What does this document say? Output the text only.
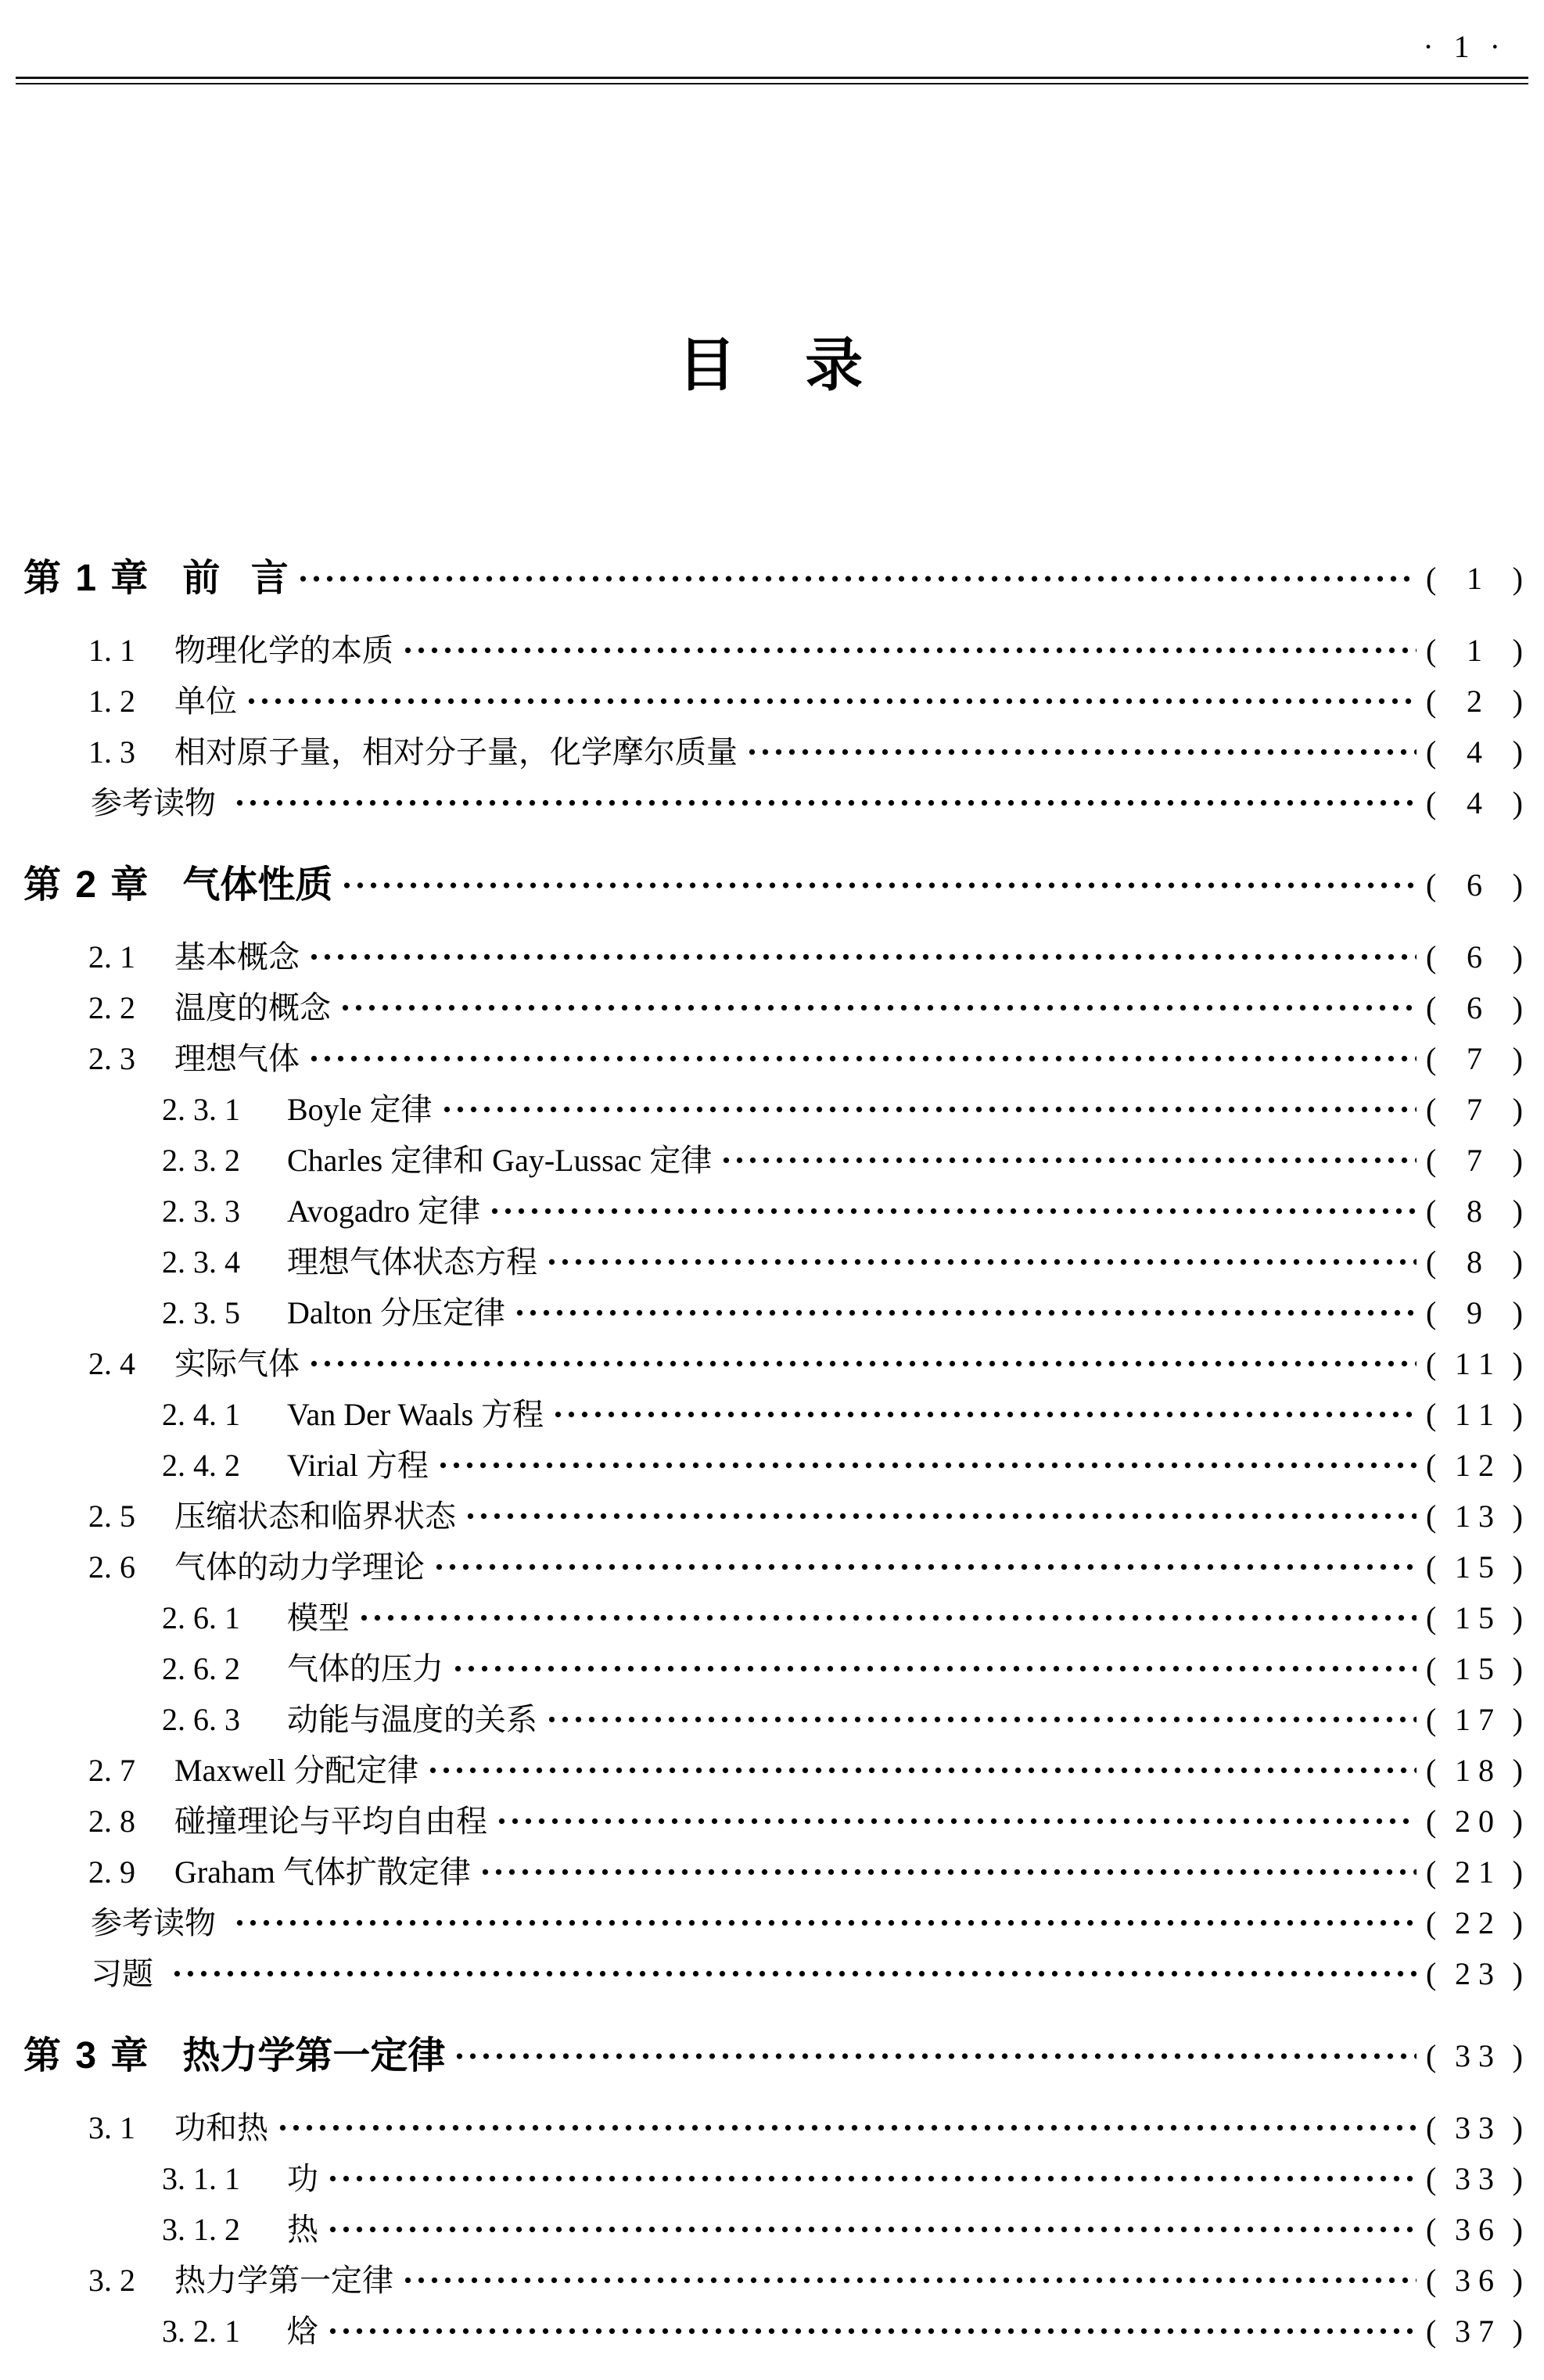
· 1 ·
目 录
第 1 章 前 言	( 1 )
1. 1	物理化学的本质	( 1 )
1. 2	单位	( 2 )
1. 3	相对原子量，相对分子量，化学摩尔质量	( 4 )
参考读物	( 4 )
第 2 章 气体性质	( 6 )
2. 1	基本概念	( 6 )
2. 2	温度的概念	( 6 )
2. 3	理想气体	( 7 )
2. 3. 1	Boyle 定律	( 7 )
2. 3. 2	Charles 定律和 Gay-Lussac 定律	( 7 )
2. 3. 3	Avogadro 定律	( 8 )
2. 3. 4	理想气体状态方程	( 8 )
2. 3. 5	Dalton 分压定律	( 9 )
2. 4	实际气体	( 1 1 )
2. 4. 1	Van Der Waals 方程	( 1 1 )
2. 4. 2	Virial 方程	( 1 2 )
2. 5	压缩状态和临界状态	( 1 3 )
2. 6	气体的动力学理论	( 1 5 )
2. 6. 1	模型	( 1 5 )
2. 6. 2	气体的压力	( 1 5 )
2. 6. 3	动能与温度的关系	( 1 7 )
2. 7	Maxwell 分配定律	( 1 8 )
2. 8	碰撞理论与平均自由程	( 2 0 )
2. 9	Graham 气体扩散定律	( 2 1 )
参考读物	( 2 2 )
习题	( 2 3 )
第 3 章 热力学第一定律	( 3 3 )
3. 1	功和热	( 3 3 )
3. 1. 1	功	( 3 3 )
3. 1. 2	热	( 3 6 )
3. 2	热力学第一定律	( 3 6 )
3. 2. 1	焓	( 3 7 )
